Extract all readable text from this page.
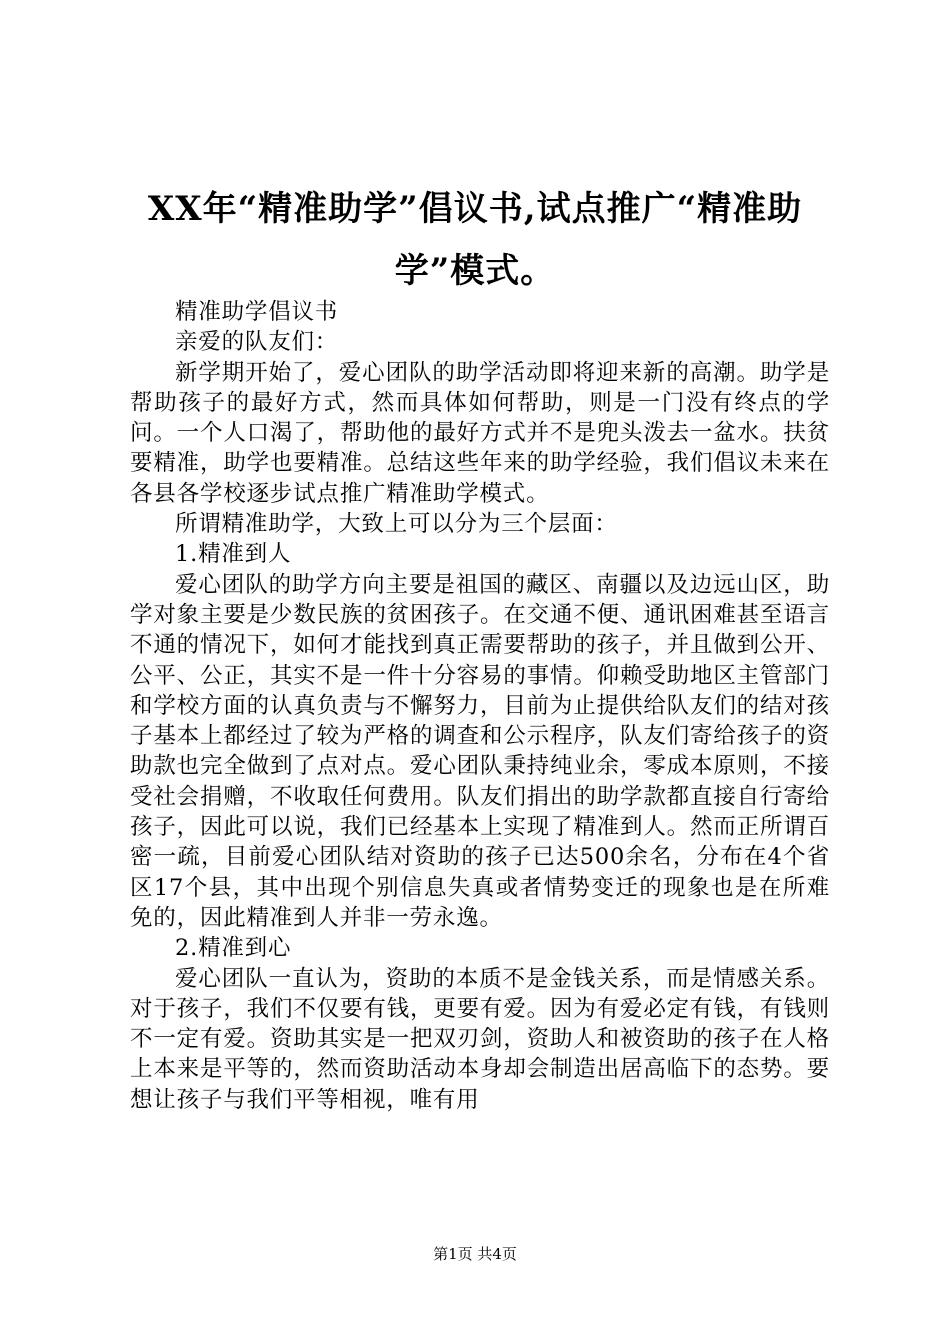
XX年“精准助学”倡议书,试点推广“精准助学”模式。

精准助学倡议书

亲爱的队友们：

新学期开始了，爱心团队的助学活动即将迎来新的高潮。助学是帮助孩子的最好方式，然而具体如何帮助，则是一门没有终点的学问。一个人口渴了，帮助他的最好方式并不是兜头泼去一盆水。扶贫要精准，助学也要精准。总结这些年来的助学经验，我们倡议未来在各县各学校逐步试点推广精准助学模式。

所谓精准助学，大致上可以分为三个层面：

1.精准到人

爱心团队的助学方向主要是祖国的藏区、南疆以及边远山区，助学对象主要是少数民族的贫困孩子。在交通不便、通讯困难甚至语言不通的情况下，如何才能找到真正需要帮助的孩子，并且做到公开、公平、公正，其实不是一件十分容易的事情。仰赖受助地区主管部门和学校方面的认真负责与不懈努力，目前为止提供给队友们的结对孩子基本上都经过了较为严格的调查和公示程序，队友们寄给孩子的资助款也完全做到了点对点。爱心团队秉持纯业余，零成本原则，不接受社会捐赠，不收取任何费用。队友们捐出的助学款都直接自行寄给孩子，因此可以说，我们已经基本上实现了精准到人。然而正所谓百密一疏，目前爱心团队结对资助的孩子已达500余名，分布在4个省区17个县，其中出现个别信息失真或者情势变迁的现象也是在所难免的，因此精准到人并非一劳永逸。

2.精准到心

爱心团队一直认为，资助的本质不是金钱关系，而是情感关系。对于孩子，我们不仅要有钱，更要有爱。因为有爱必定有钱，有钱则不一定有爱。资助其实是一把双刃剑，资助人和被资助的孩子在人格上本来是平等的，然而资助活动本身却会制造出居高临下的态势。要想让孩子与我们平等相视，唯有用

第1页 共4页
